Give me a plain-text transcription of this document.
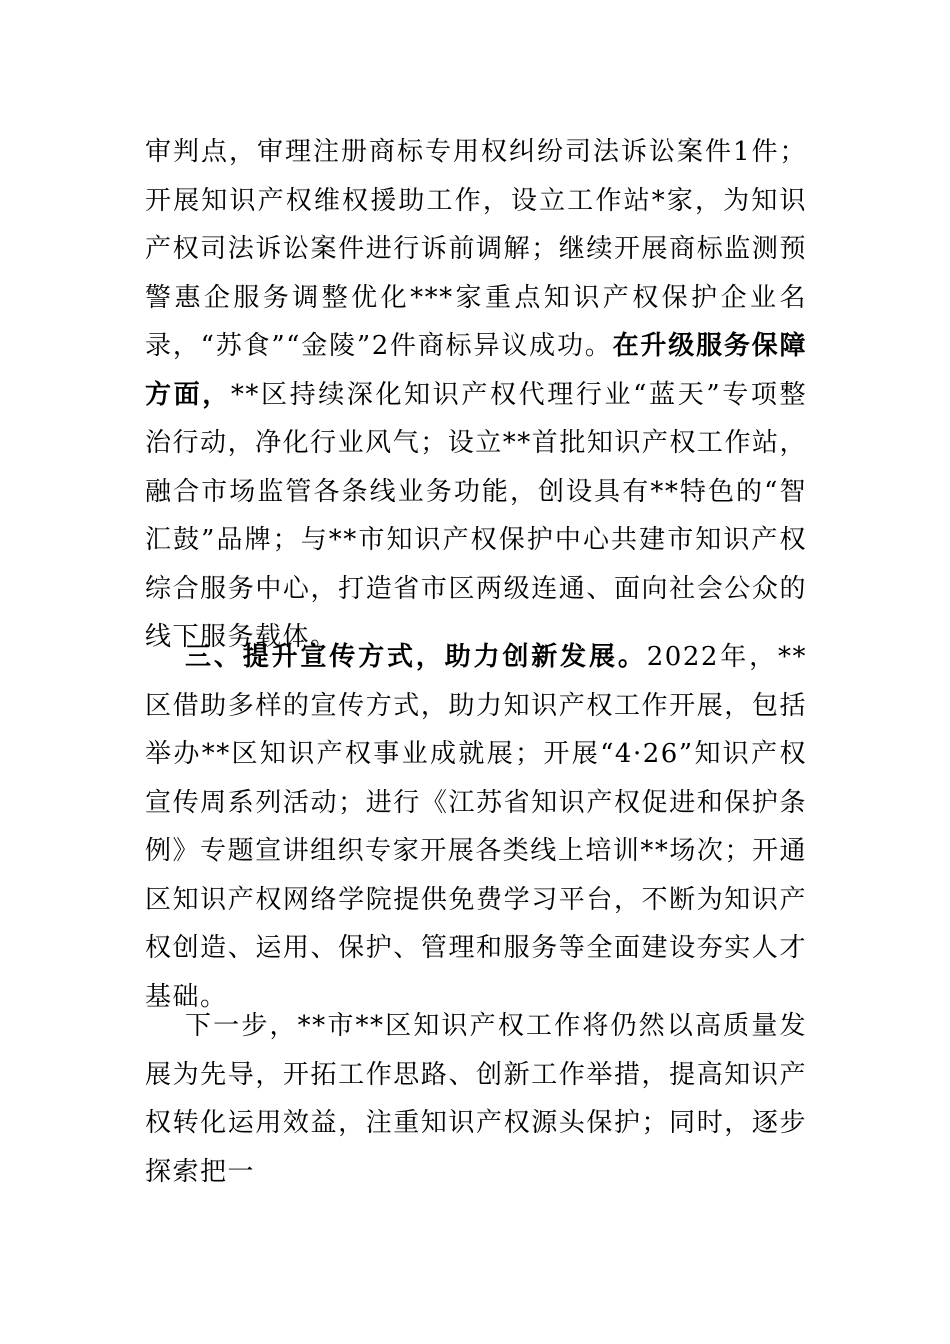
审判点，审理注册商标专用权纠纷司法诉讼案件1件；开展知识产权维权援助工作，设立工作站*家，为知识产权司法诉讼案件进行诉前调解；继续开展商标监测预警惠企服务调整优化***家重点知识产权保护企业名录，“苏食”“金陵”2件商标异议成功。在升级服务保障方面，**区持续深化知识产权代理行业“蓝天”专项整治行动，净化行业风气；设立**首批知识产权工作站，融合市场监管各条线业务功能，创设具有**特色的“智汇鼓”品牌；与**市知识产权保护中心共建市知识产权综合服务中心，打造省市区两级连通、面向社会公众的线下服务载体。

三、提升宣传方式，助力创新发展。2022年，**区借助多样的宣传方式，助力知识产权工作开展，包括举办**区知识产权事业成就展；开展“4·26”知识产权宣传周系列活动；进行《江苏省知识产权促进和保护条例》专题宣讲组织专家开展各类线上培训**场次；开通区知识产权网络学院提供免费学习平台，不断为知识产权创造、运用、保护、管理和服务等全面建设夯实人才基础。

下一步，**市**区知识产权工作将仍然以高质量发展为先导，开拓工作思路、创新工作举措，提高知识产权转化运用效益，注重知识产权源头保护；同时，逐步探索把一
